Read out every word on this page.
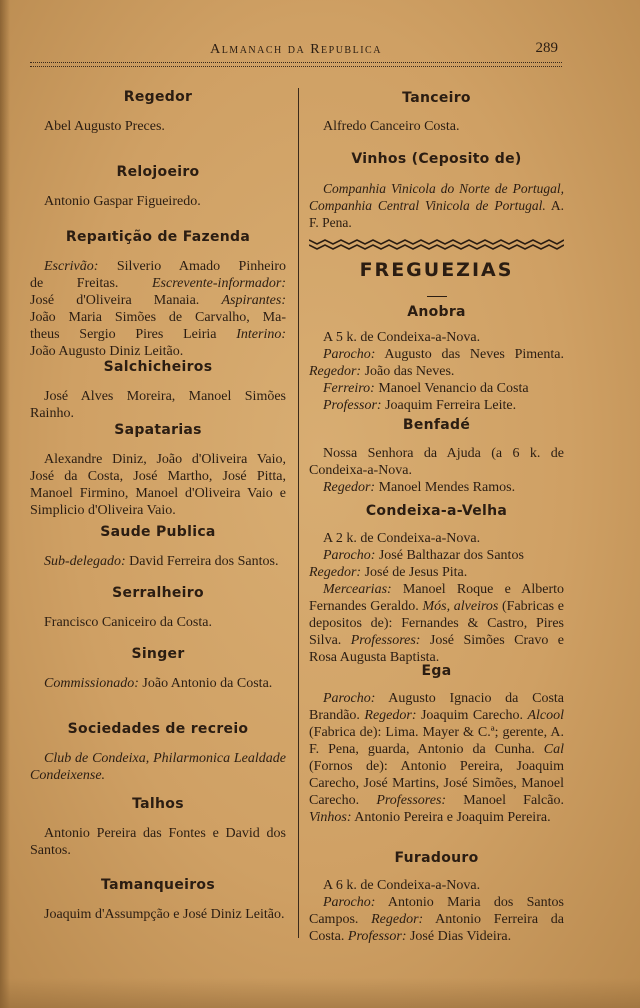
Almanach da Republica	289
Regedor

Abel Augusto Preces.

Relojoeiro

Antonio Gaspar Figueiredo.

Repaıtição de Fazenda

Escrivão: Silverio Amado Pinheiro

de Freitas. Escrevente-informador:

José d'Oliveira Manaia. Aspirantes:

João Maria Simões de Carvalho, Ma-

theus Sergio Pires Leiria Interino:

João Augusto Diniz Leitão.

Salchicheiros

José Alves Moreira, Manoel Simões Rainho.

Sapatarias

Alexandre Diniz, João d'Oliveira Vaio, José da Costa, José Martho, José Pitta, Manoel Firmino, Manoel d'Oliveira Vaio e Simplicio d'Oliveira Vaio.

Saude Publica

Sub-delegado: David Ferreira dos Santos.

Serralheiro

Francisco Caniceiro da Costa.

Singer

Commissionado: João Antonio da Costa.

Sociedades de recreio

Club de Condeixa, Philarmonica Lealdade Condeixense.

Talhos

Antonio Pereira das Fontes e David dos Santos.

Tamanqueiros

Joaquim d'Assumpção e José Diniz Leitão.

Tanceiro

Alfredo Canceiro Costa.

Vinhos (Ceposito de)

Companhia Vinicola do Norte de Portugal, Companhia Central Vinicola de Portugal. A. F. Pena.

FREGUEZIAS
Anobra

A 5 k. de Condeixa-a-Nova.

Parocho: Augusto das Neves Pimenta. Regedor: João das Neves.

Ferreiro: Manoel Venancio da Costa

Professor: Joaquim Ferreira Leite.

Benfadé

Nossa Senhora da Ajuda (a 6 k. de Condeixa-a-Nova.

Regedor: Manoel Mendes Ramos.

Condeixa-a-Velha

A 2 k. de Condeixa-a-Nova.

Parocho: José Balthazar dos Santos

Regedor: José de Jesus Pita.

Mercearias: Manoel Roque e Alberto Fernandes Geraldo. Mós, alveiros (Fabricas e depositos de): Fernandes & Castro, Pires Silva. Professores: José Simões Cravo e Rosa Augusta Baptista.

Ega

Parocho: Augusto Ignacio da Costa Brandão. Regedor: Joaquim Carecho. Alcool (Fabrica de): Lima. Mayer & C.ª; gerente, A. F. Pena, guarda, Antonio da Cunha. Cal (Fornos de): Antonio Pereira, Joaquim Carecho, José Martins, José Simões, Manoel Carecho. Professores: Manoel Falcão. Vinhos: Antonio Pereira e Joaquim Pereira.

Furadouro

A 6 k. de Condeixa-a-Nova.

Parocho: Antonio Maria dos Santos Campos. Regedor: Antonio Ferreira da Costa. Professor: José Dias Videira.
